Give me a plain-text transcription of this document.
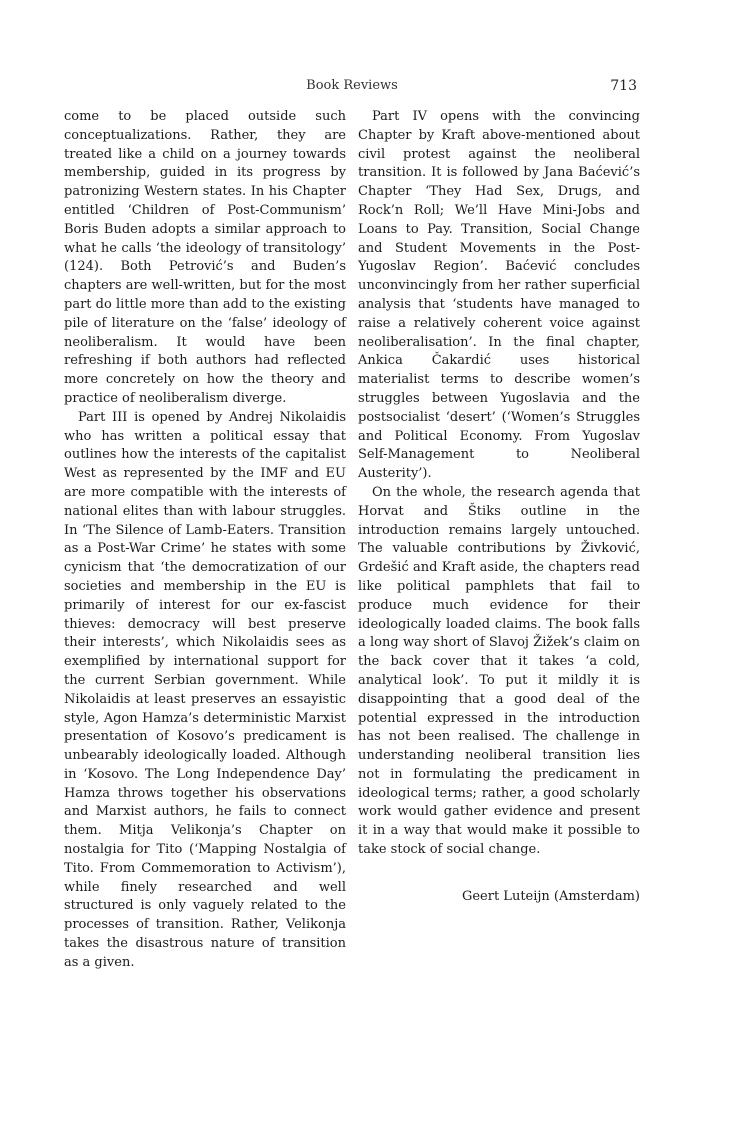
Book Reviews	713

come to be placed outside such conceptualizations. Rather, they are treated like a child on a journey towards membership, guided in its progress by patronizing Western states. In his Chapter entitled ‘Children of Post-Communism’ Boris Buden adopts a similar approach to what he calls ‘the ideology of transitology’ (124). Both Petrović’s and Buden’s chapters are well-written, but for the most part do little more than add to the existing pile of literature on the ‘false’ ideology of neoliberalism. It would have been refreshing if both authors had reflected more concretely on how the theory and practice of neoliberalism diverge.

Part III is opened by Andrej Nikolaidis who has written a political essay that outlines how the interests of the capitalist West as represented by the IMF and EU are more compatible with the interests of national elites than with labour struggles. In ‘The Silence of Lamb-Eaters. Transition as a Post-War Crime’ he states with some cynicism that ‘the democratization of our societies and membership in the EU is primarily of interest for our ex-fascist thieves: democracy will best preserve their interests’, which Nikolaidis sees as exemplified by international support for the current Serbian government. While Nikolaidis at least preserves an essayistic style, Agon Hamza’s deterministic Marxist presentation of Kosovo’s predicament is unbearably ideologically loaded. Although in ‘Kosovo. The Long Independence Day’ Hamza throws together his observations and Marxist authors, he fails to connect them. Mitja Velikonja’s Chapter on nostalgia for Tito (‘Mapping Nostalgia of Tito. From Commemoration to Activism’), while finely researched and well structured is only vaguely related to the processes of transition. Rather, Velikonja takes the disastrous nature of transition as a given.

Part IV opens with the convincing Chapter by Kraft above-mentioned about civil protest against the neoliberal transition. It is followed by Jana Baćević’s Chapter ‘They Had Sex, Drugs, and Rock’n Roll; We’ll Have Mini-Jobs and Loans to Pay. Transition, Social Change and Student Movements in the Post-Yugoslav Region’. Baćević concludes unconvincingly from her rather superficial analysis that ‘students have managed to raise a relatively coherent voice against neoliberalisation’. In the final chapter, Ankica Čakardić uses historical materialist terms to describe women’s struggles between Yugoslavia and the postsocialist ‘desert’ (‘Women’s Struggles and Political Economy. From Yugoslav Self-Management to Neoliberal Austerity’).

On the whole, the research agenda that Horvat and Štiks outline in the introduction remains largely untouched. The valuable contributions by Živković, Grdešić and Kraft aside, the chapters read like political pamphlets that fail to produce much evidence for their ideologically loaded claims. The book falls a long way short of Slavoj Žižek’s claim on the back cover that it takes ‘a cold, analytical look’. To put it mildly it is disappointing that a good deal of the potential expressed in the introduction has not been realised. The challenge in understanding neoliberal transition lies not in formulating the predicament in ideological terms; rather, a good scholarly work would gather evidence and present it in a way that would make it possible to take stock of social change.

Geert Luteijn (Amsterdam)
